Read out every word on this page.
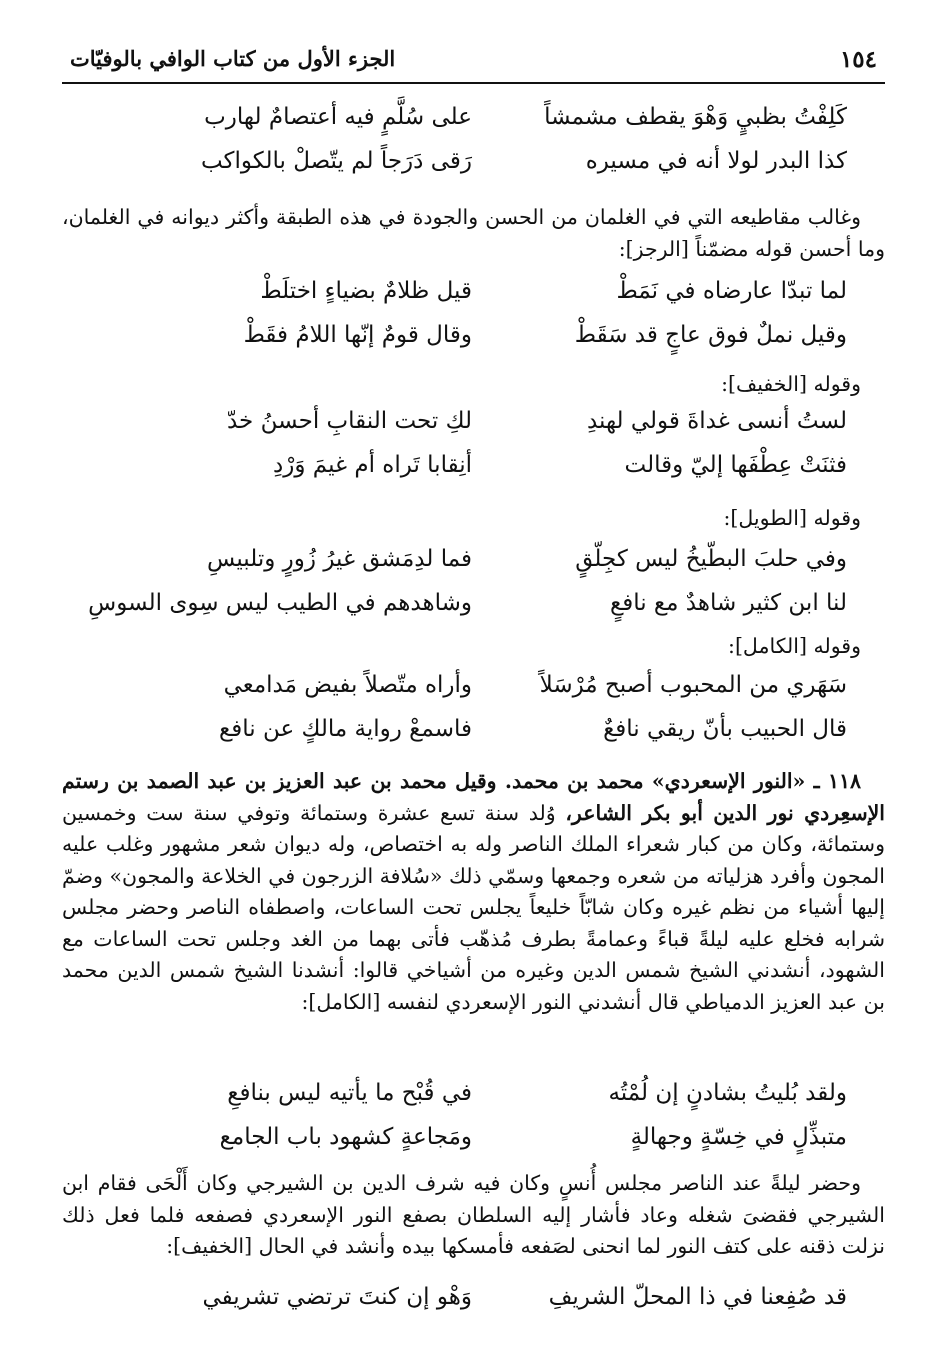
١٥٤
الجزء الأول من كتاب الوافي بالوفيّات
كَلِفْتُ بظبيٍ وَهْوَ يقطف مشمشاً
على سُلَّمٍ فيه أعتصامٌ لهارب
كذا البدر لولا أنه في مسيره
رَقى دَرَجاً لم يتّصلْ بالكواكب

وغالب مقاطيعه التي في الغلمان من الحسن والجودة في هذه الطبقة وأكثر ديوانه في الغلمان، وما أحسن قوله مضمّناً [الرجز]:

لما تبدّا عارضاه في نَمَطْ
قيل ظلامٌ بضياءٍ اختلَطْ
وقيل نملٌ فوق عاجٍ قد سَقَطْ
وقال قومٌ إنّها اللامُ فقَطْ
وقوله [الخفيف]:
لستُ أنسى غداةَ قولي لهندِ
لكِ تحت النقابِ أحسنُ خدّ
فثنَتْ عِطْفَها إليّ وقالت
أنِقابا تَراه أم غيمَ وَرْدِ
وقوله [الطويل]:
وفي حلبَ البطّيخُ ليس كجِلّقٍ
فما لدِمَشق غيرُ زُورٍ وتلبيسِ
لنا ابن كثير شاهدٌ مع نافعٍ
وشاهدهم في الطيب ليس سِوى السوسِ
وقوله [الكامل]:
سَهَري من المحبوب أصبح مُرْسَلاً
وأراه متّصلاً بفيض مَدامعي
قال الحبيب بأنّ ريقي نافعٌ
فاسمعْ رواية مالكٍ عن نافع

١١٨ ـ «النور الإسعردي» محمد بن محمد. وقيل محمد بن عبد العزيز بن عبد الصمد بن رستم الإسعِردي نور الدين أبو بكر الشاعر، وُلد سنة تسع عشرة وستمائة وتوفي سنة ست وخمسين وستمائة، وكان من كبار شعراء الملك الناصر وله به اختصاص، وله ديوان شعر مشهور وغلب عليه المجون وأفرد هزلياته من شعره وجمعها وسمّي ذلك «سُلافة الزرجون في الخلاعة والمجون» وضمّ إليها أشياء من نظم غيره وكان شابّاً خليعاً يجلس تحت الساعات، واصطفاه الناصر وحضر مجلس شرابه فخلع عليه ليلةً قباءً وعمامةً بطرف مُذهّب فأتى بهما من الغد وجلس تحت الساعات مع الشهود، أنشدني الشيخ شمس الدين وغيره من أشياخي قالوا: أنشدنا الشيخ شمس الدين محمد بن عبد العزيز الدمياطي قال أنشدني النور الإسعردي لنفسه [الكامل]:

ولقد بُليتُ بشادنٍ إن لُمْتُه
في قُبْح ما يأتيه ليس بنافعِ
متبذِّلٍ في خِسّةٍ وجهالةٍ
ومَجاعةٍ كشهود باب الجامع

وحضر ليلةً عند الناصر مجلس أُنسٍ وكان فيه شرف الدين بن الشيرجي وكان أَلْحَى فقام ابن الشيرجي فقضىَ شغله وعاد فأشار إليه السلطان بصفع النور الإسعردي فصفعه فلما فعل ذلك نزلت ذقنه على كتف النور لما انحنى لصَفعه فأمسكها بيده وأنشد في الحال [الخفيف]:

قد صُفِعنا في ذا المحلّ الشريفِ
وَهْو إن كنتَ ترتضي تشريفي
